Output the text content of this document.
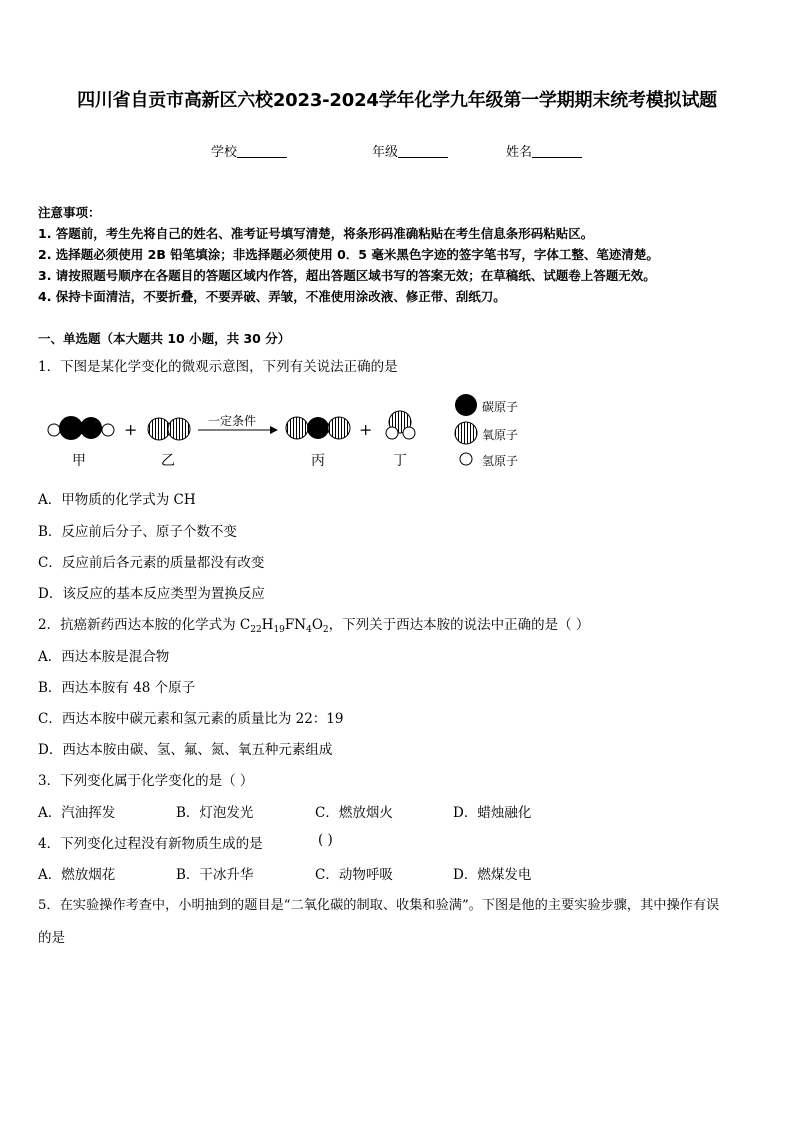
四川省自贡市高新区六校2023-2024学年化学九年级第一学期期末统考模拟试题
学校	年级	姓名
注意事项：
1. 答题前，考生先将自己的姓名、准考证号填写清楚，将条形码准确粘贴在考生信息条形码粘贴区。
2. 选择题必须使用 2B 铅笔填涂；非选择题必须使用 0．5 毫米黑色字迹的签字笔书写，字体工整、笔迹清楚。
3. 请按照题号顺序在各题目的答题区域内作答，超出答题区域书写的答案无效；在草稿纸、试题卷上答题无效。
4. 保持卡面清洁，不要折叠，不要弄破、弄皱，不准使用涂改液、修正带、刮纸刀。
一、单选题（本大题共 10 小题，共 30 分）
1．下图是某化学变化的微观示意图，下列有关说法正确的是
+	+
一定条件
甲	乙	丙	丁
碳原子
氧原子
氢原子
A．甲物质的化学式为 CH
B．反应前后分子、原子个数不变
C．反应前后各元素的质量都没有改变
D．该反应的基本反应类型为置换反应
2．抗癌新药西达本胺的化学式为 $C_{22}H_{19}FN_4O_2$，下列关于西达本胺的说法中正确的是（ ）
A．西达本胺是混合物
B．西达本胺有 48 个原子
C．西达本胺中碳元素和氢元素的质量比为 22：19
D．西达本胺由碳、氢、氟、氮、氧五种元素组成
3．下列变化属于化学变化的是（ ）
A．汽油挥发	B．灯泡发光	C．燃放烟火	D．蜡烛融化
4．下列变化过程没有新物质生成的是	( )
A．燃放烟花	B．干冰升华	C．动物呼吸	D．燃煤发电
5．在实验操作考查中，小明抽到的题目是“二氧化碳的制取、收集和验满”。下图是他的主要实验步骤，其中操作有误
的是
